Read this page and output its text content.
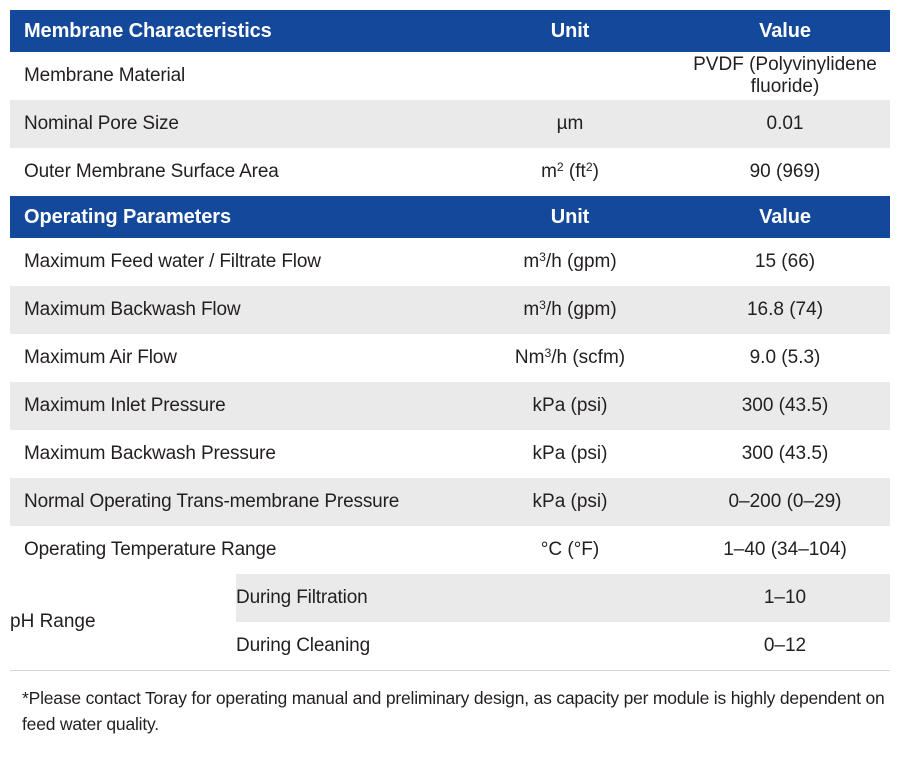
Membrane Characteristics		Unit	Value
Membrane Material			PVDF (Polyvinylidene fluoride)
Nominal Pore Size		µm	0.01
Outer Membrane Surface Area		$m^2$ $(ft^2)$	90 (969)
Operating Parameters		Unit	Value
Maximum Feed water / Filtrate Flow		$m^3/h$ (gpm)	15 (66)
Maximum Backwash Flow		$m^3/h$ (gpm)	16.8 (74)
Maximum Air Flow		Nm$^3$/h (scfm)	9.0 (5.3)
Maximum Inlet Pressure		kPa (psi)	300 (43.5)
Maximum Backwash Pressure		kPa (psi)	300 (43.5)
Normal Operating Trans-membrane Pressure		kPa (psi)	0–200 (0–29)
Operating Temperature Range		°C (°F)	1–40 (34–104)
pH Range	During Filtration		1–10
	During Cleaning		0–12
*Please contact Toray for operating manual and preliminary design, as capacity per module is highly dependent on feed water quality.
